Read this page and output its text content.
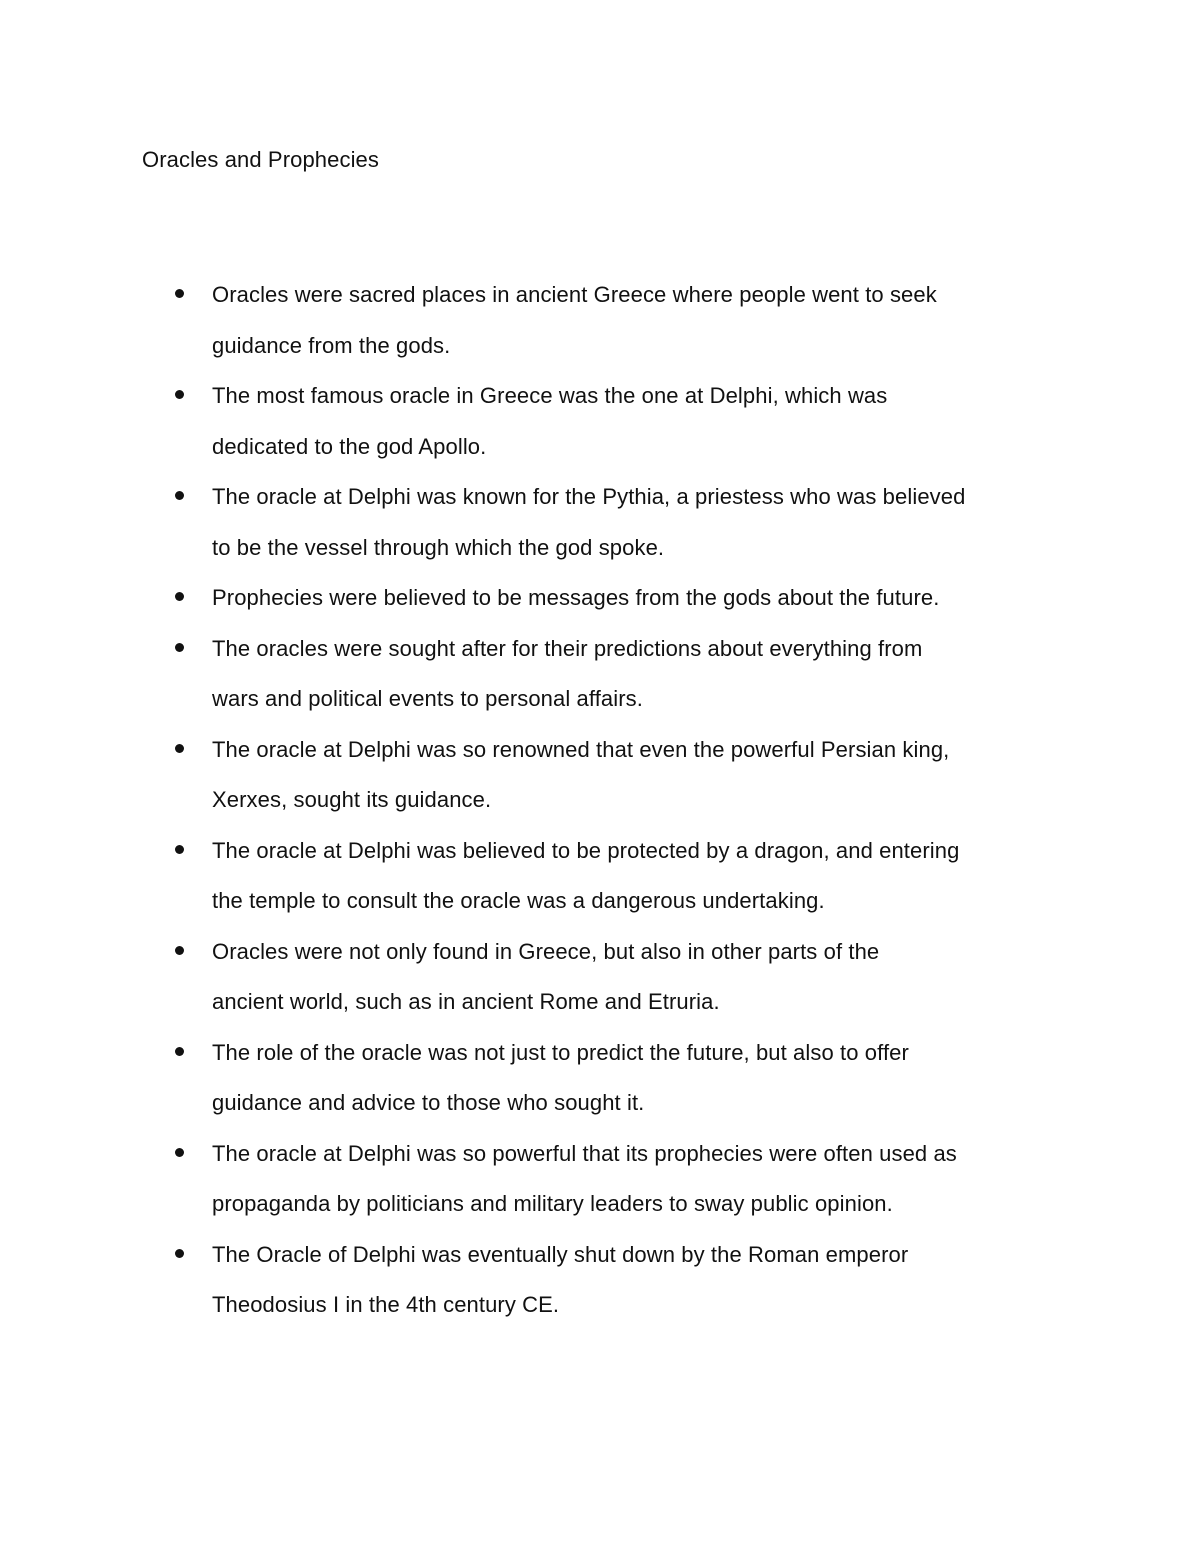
Oracles and Prophecies
Oracles were sacred places in ancient Greece where people went to seek
guidance from the gods.
The most famous oracle in Greece was the one at Delphi, which was
dedicated to the god Apollo.
The oracle at Delphi was known for the Pythia, a priestess who was believed
to be the vessel through which the god spoke.
Prophecies were believed to be messages from the gods about the future.
The oracles were sought after for their predictions about everything from
wars and political events to personal affairs.
The oracle at Delphi was so renowned that even the powerful Persian king,
Xerxes, sought its guidance.
The oracle at Delphi was believed to be protected by a dragon, and entering
the temple to consult the oracle was a dangerous undertaking.
Oracles were not only found in Greece, but also in other parts of the
ancient world, such as in ancient Rome and Etruria.
The role of the oracle was not just to predict the future, but also to offer
guidance and advice to those who sought it.
The oracle at Delphi was so powerful that its prophecies were often used as
propaganda by politicians and military leaders to sway public opinion.
The Oracle of Delphi was eventually shut down by the Roman emperor
Theodosius I in the 4th century CE.
